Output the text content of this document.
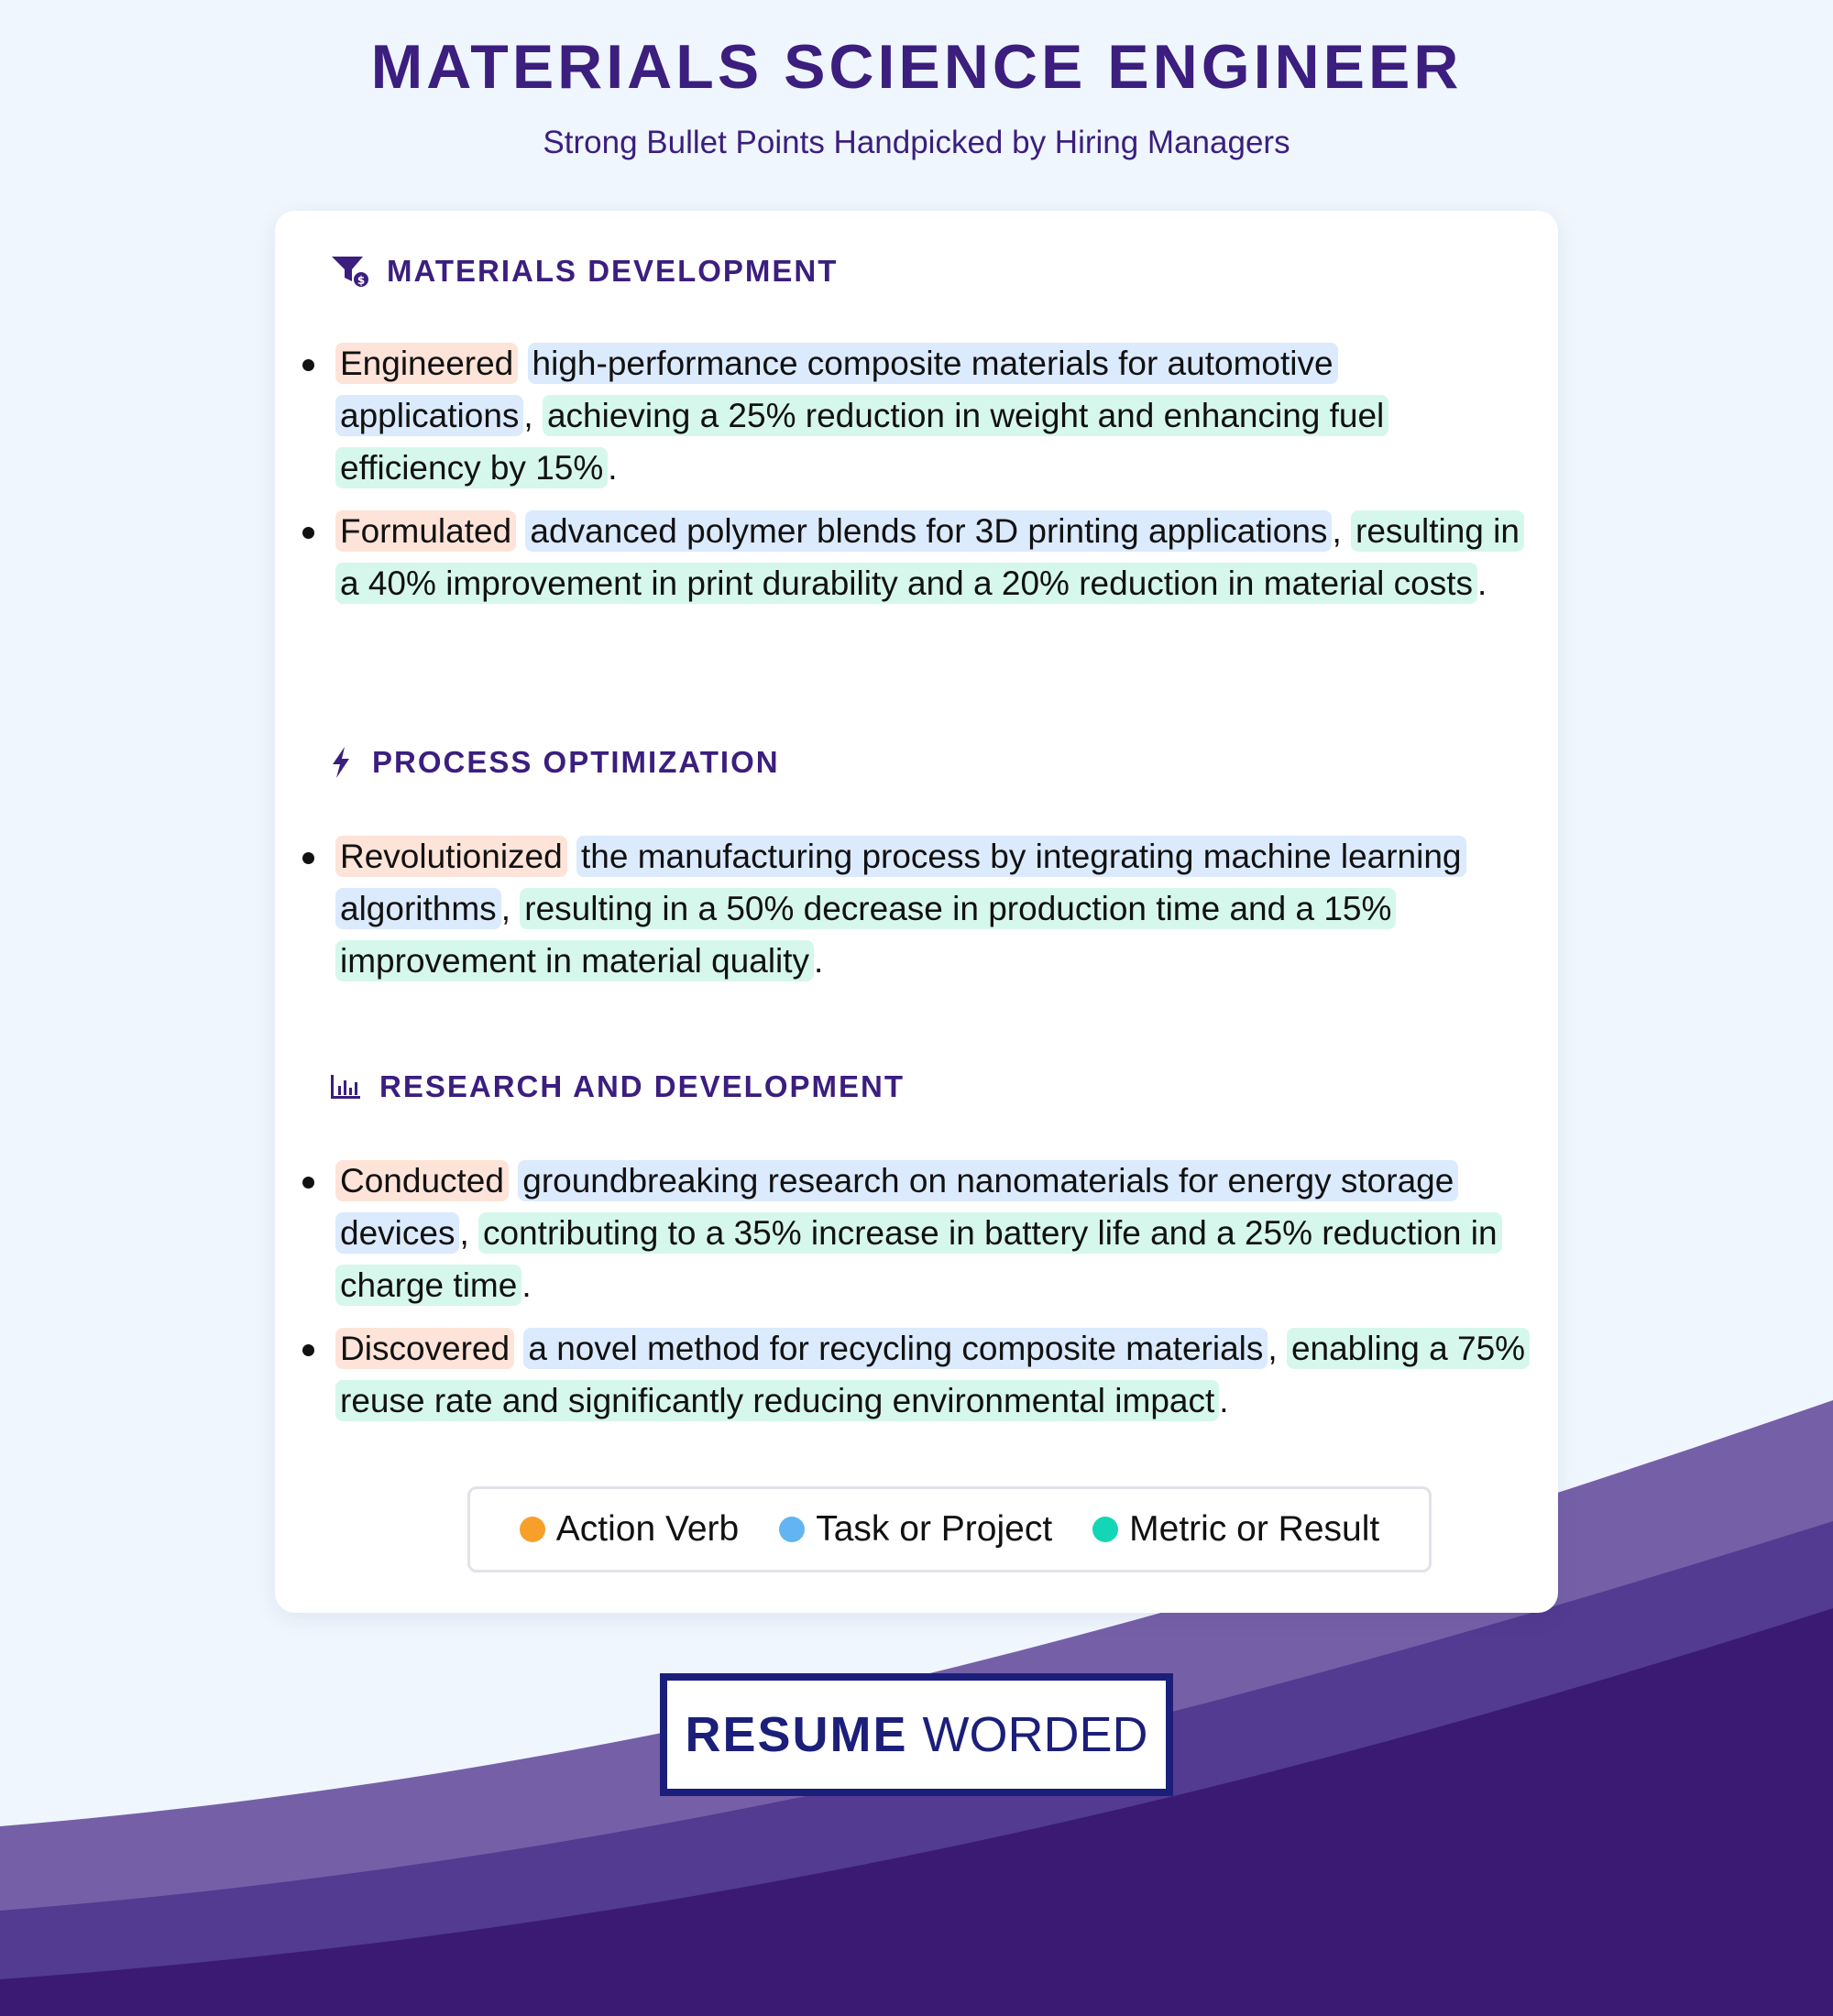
MATERIALS SCIENCE ENGINEER
Strong Bullet Points Handpicked by Hiring Managers
$ MATERIALS DEVELOPMENT
Engineered high-performance composite materials for automotive applications , achieving a 25% reduction in weight and enhancing fuel efficiency by 15% .
Formulated advanced polymer blends for 3D printing applications , resulting in a 40% improvement in print durability and a 20% reduction in material costs .
PROCESS OPTIMIZATION
Revolutionized the manufacturing process by integrating machine learning algorithms , resulting in a 50% decrease in production time and a 15% improvement in material quality .
RESEARCH AND DEVELOPMENT
Conducted groundbreaking research on nanomaterials for energy storage devices , contributing to a 35% increase in battery life and a 25% reduction in charge time .
Discovered a novel method for recycling composite materials , enabling a 75% reuse rate and significantly reducing environmental impact .
Action Verb Task or Project Metric or Result
RESUME WORDED
